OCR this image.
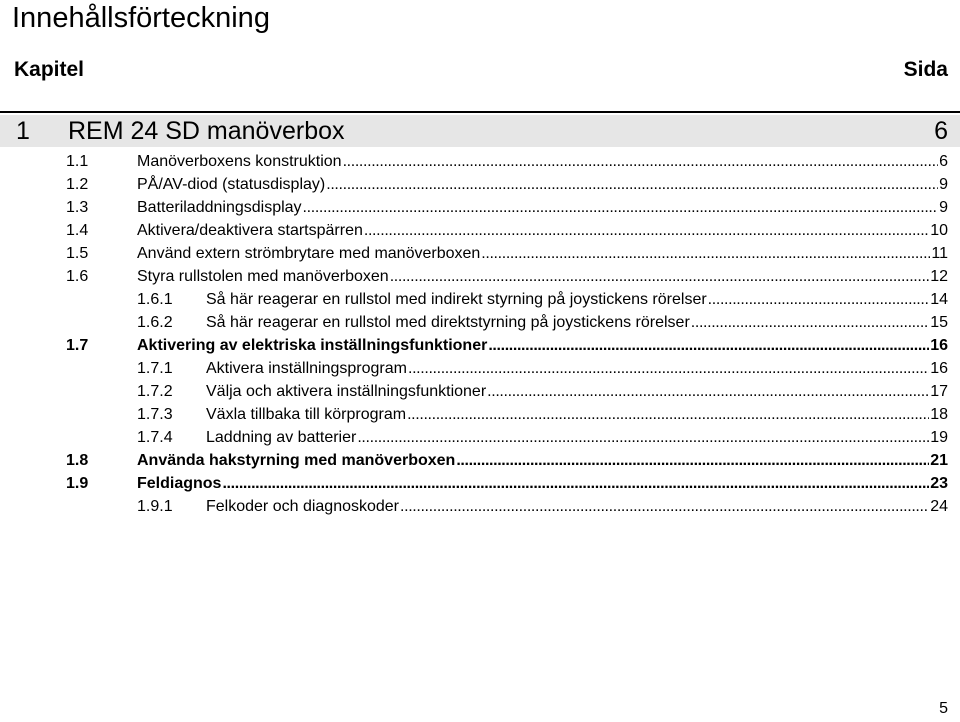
Innehållsförteckning
Kapitel	Sida
1 REM 24 SD manöverbox	6
1.1	Manöverboxens konstruktion . . .	6
1.2	PÅ/AV-diod (statusdisplay) . . .	9
1.3	Batteriladdningsdisplay . . .	9
1.4	Aktivera/deaktivera startspärren . . .	10
1.5	Använd extern strömbrytare med manöverboxen . . .	11
1.6	Styra rullstolen med manöverboxen . . .	12
1.6.1 Så här reagerar en rullstol med indirekt styrning på joystickens rörelser . . .	14
1.6.2 Så här reagerar en rullstol med direktstyrning på joystickens rörelser . . .	15
1.7	Aktivering av elektriska inställningsfunktioner . . .	16
1.7.1 Aktivera inställningsprogram . . .	16
1.7.2 Välja och aktivera inställningsfunktioner . . .	17
1.7.3 Växla tillbaka till körprogram . . .	18
1.7.4 Laddning av batterier . . .	19
1.8	Använda hakstyrning med manöverboxen . . .	21
1.9	Feldiagnos . . .	23
1.9.1 Felkoder och diagnoskoder . . .	24
5
